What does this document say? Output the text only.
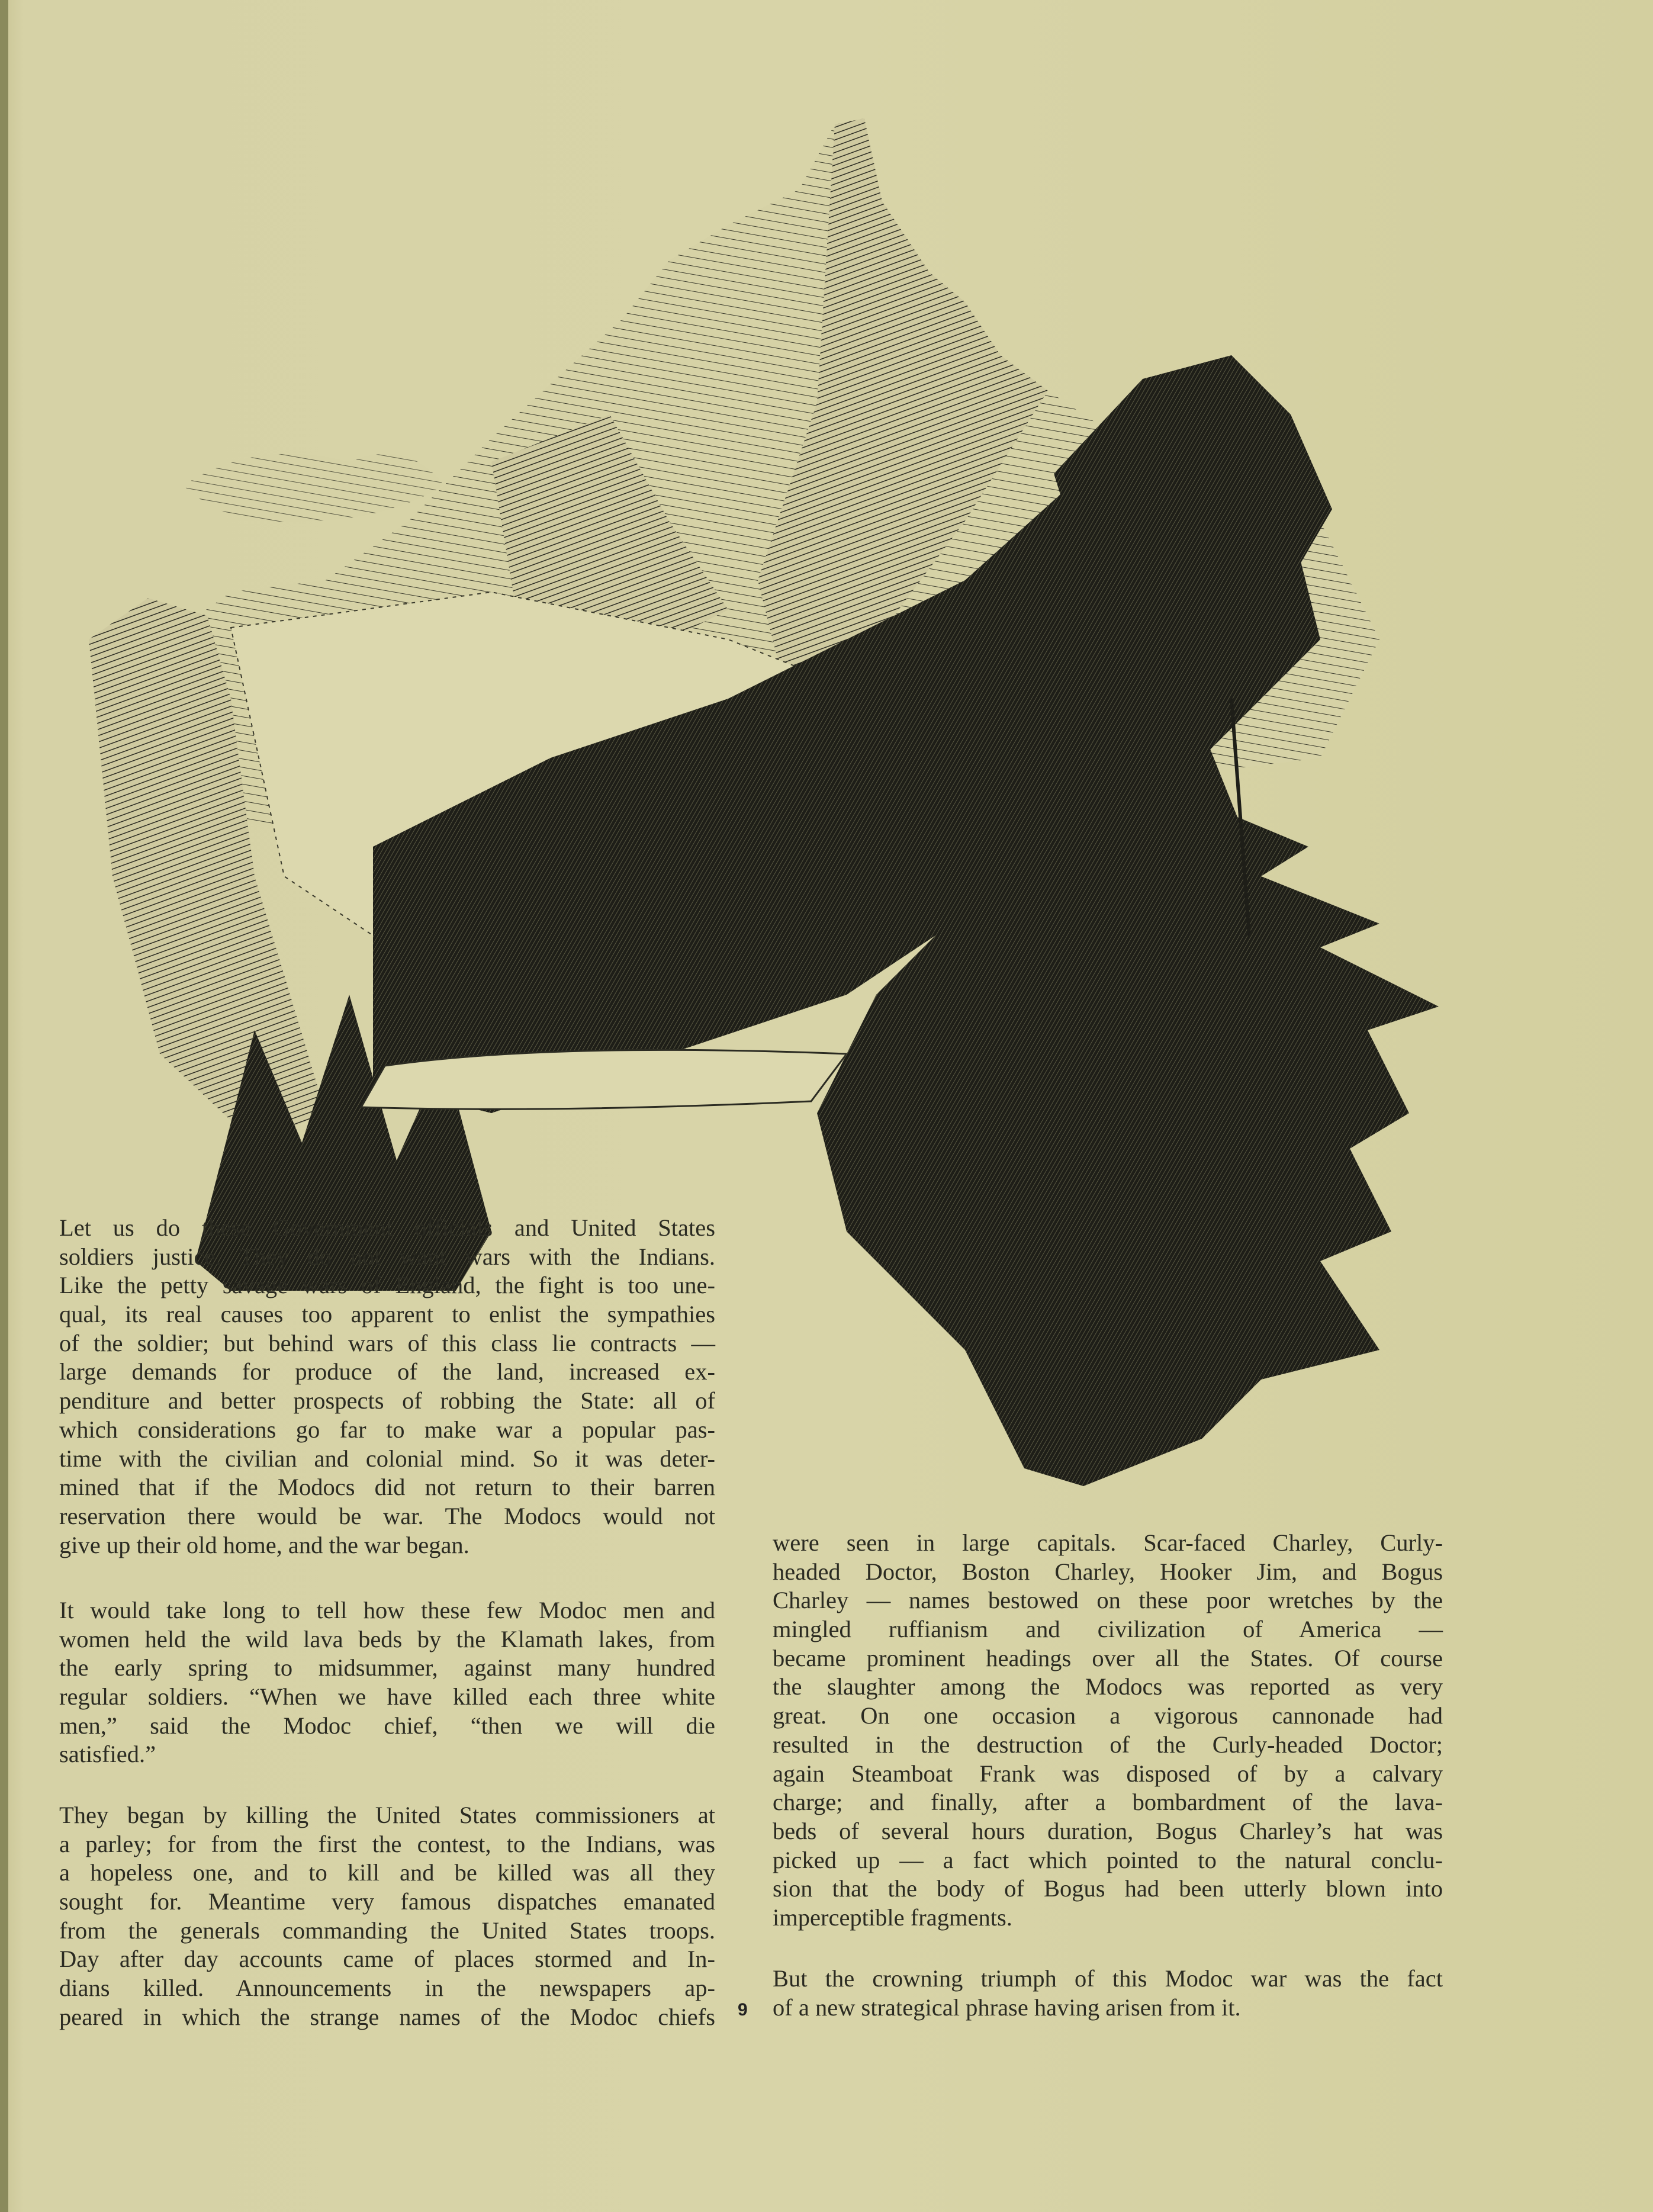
Let us do these Government officials and United States
soldiers justice. They do not want wars with the Indians.
Like the petty savage wars of England, the fight is too une-
qual, its real causes too apparent to enlist the sympathies
of the soldier; but behind wars of this class lie contracts —
large demands for produce of the land, increased ex-
penditure and better prospects of robbing the State: all of
which considerations go far to make war a popular pas-
time with the civilian and colonial mind. So it was deter-
mined that if the Modocs did not return to their barren
reservation there would be war. The Modocs would not
give up their old home, and the war began.
It would take long to tell how these few Modoc men and
women held the wild lava beds by the Klamath lakes, from
the early spring to midsummer, against many hundred
regular soldiers. “When we have killed each three white
men,” said the Modoc chief, “then we will die
satisfied.”
They began by killing the United States commissioners at
a parley; for from the first the contest, to the Indians, was
a hopeless one, and to kill and be killed was all they
sought for. Meantime very famous dispatches emanated
from the generals commanding the United States troops.
Day after day accounts came of places stormed and In-
dians killed. Announcements in the newspapers ap-
peared in which the strange names of the Modoc chiefs
were seen in large capitals. Scar-faced Charley, Curly-
headed Doctor, Boston Charley, Hooker Jim, and Bogus
Charley — names bestowed on these poor wretches by the
mingled ruffianism and civilization of America —
became prominent headings over all the States. Of course
the slaughter among the Modocs was reported as very
great. On one occasion a vigorous cannonade had
resulted in the destruction of the Curly-headed Doctor;
again Steamboat Frank was disposed of by a calvary
charge; and finally, after a bombardment of the lava-
beds of several hours duration, Bogus Charley’s hat was
picked up — a fact which pointed to the natural conclu-
sion that the body of Bogus had been utterly blown into
imperceptible fragments.
But the crowning triumph of this Modoc war was the fact
of a new strategical phrase having arisen from it.
9
